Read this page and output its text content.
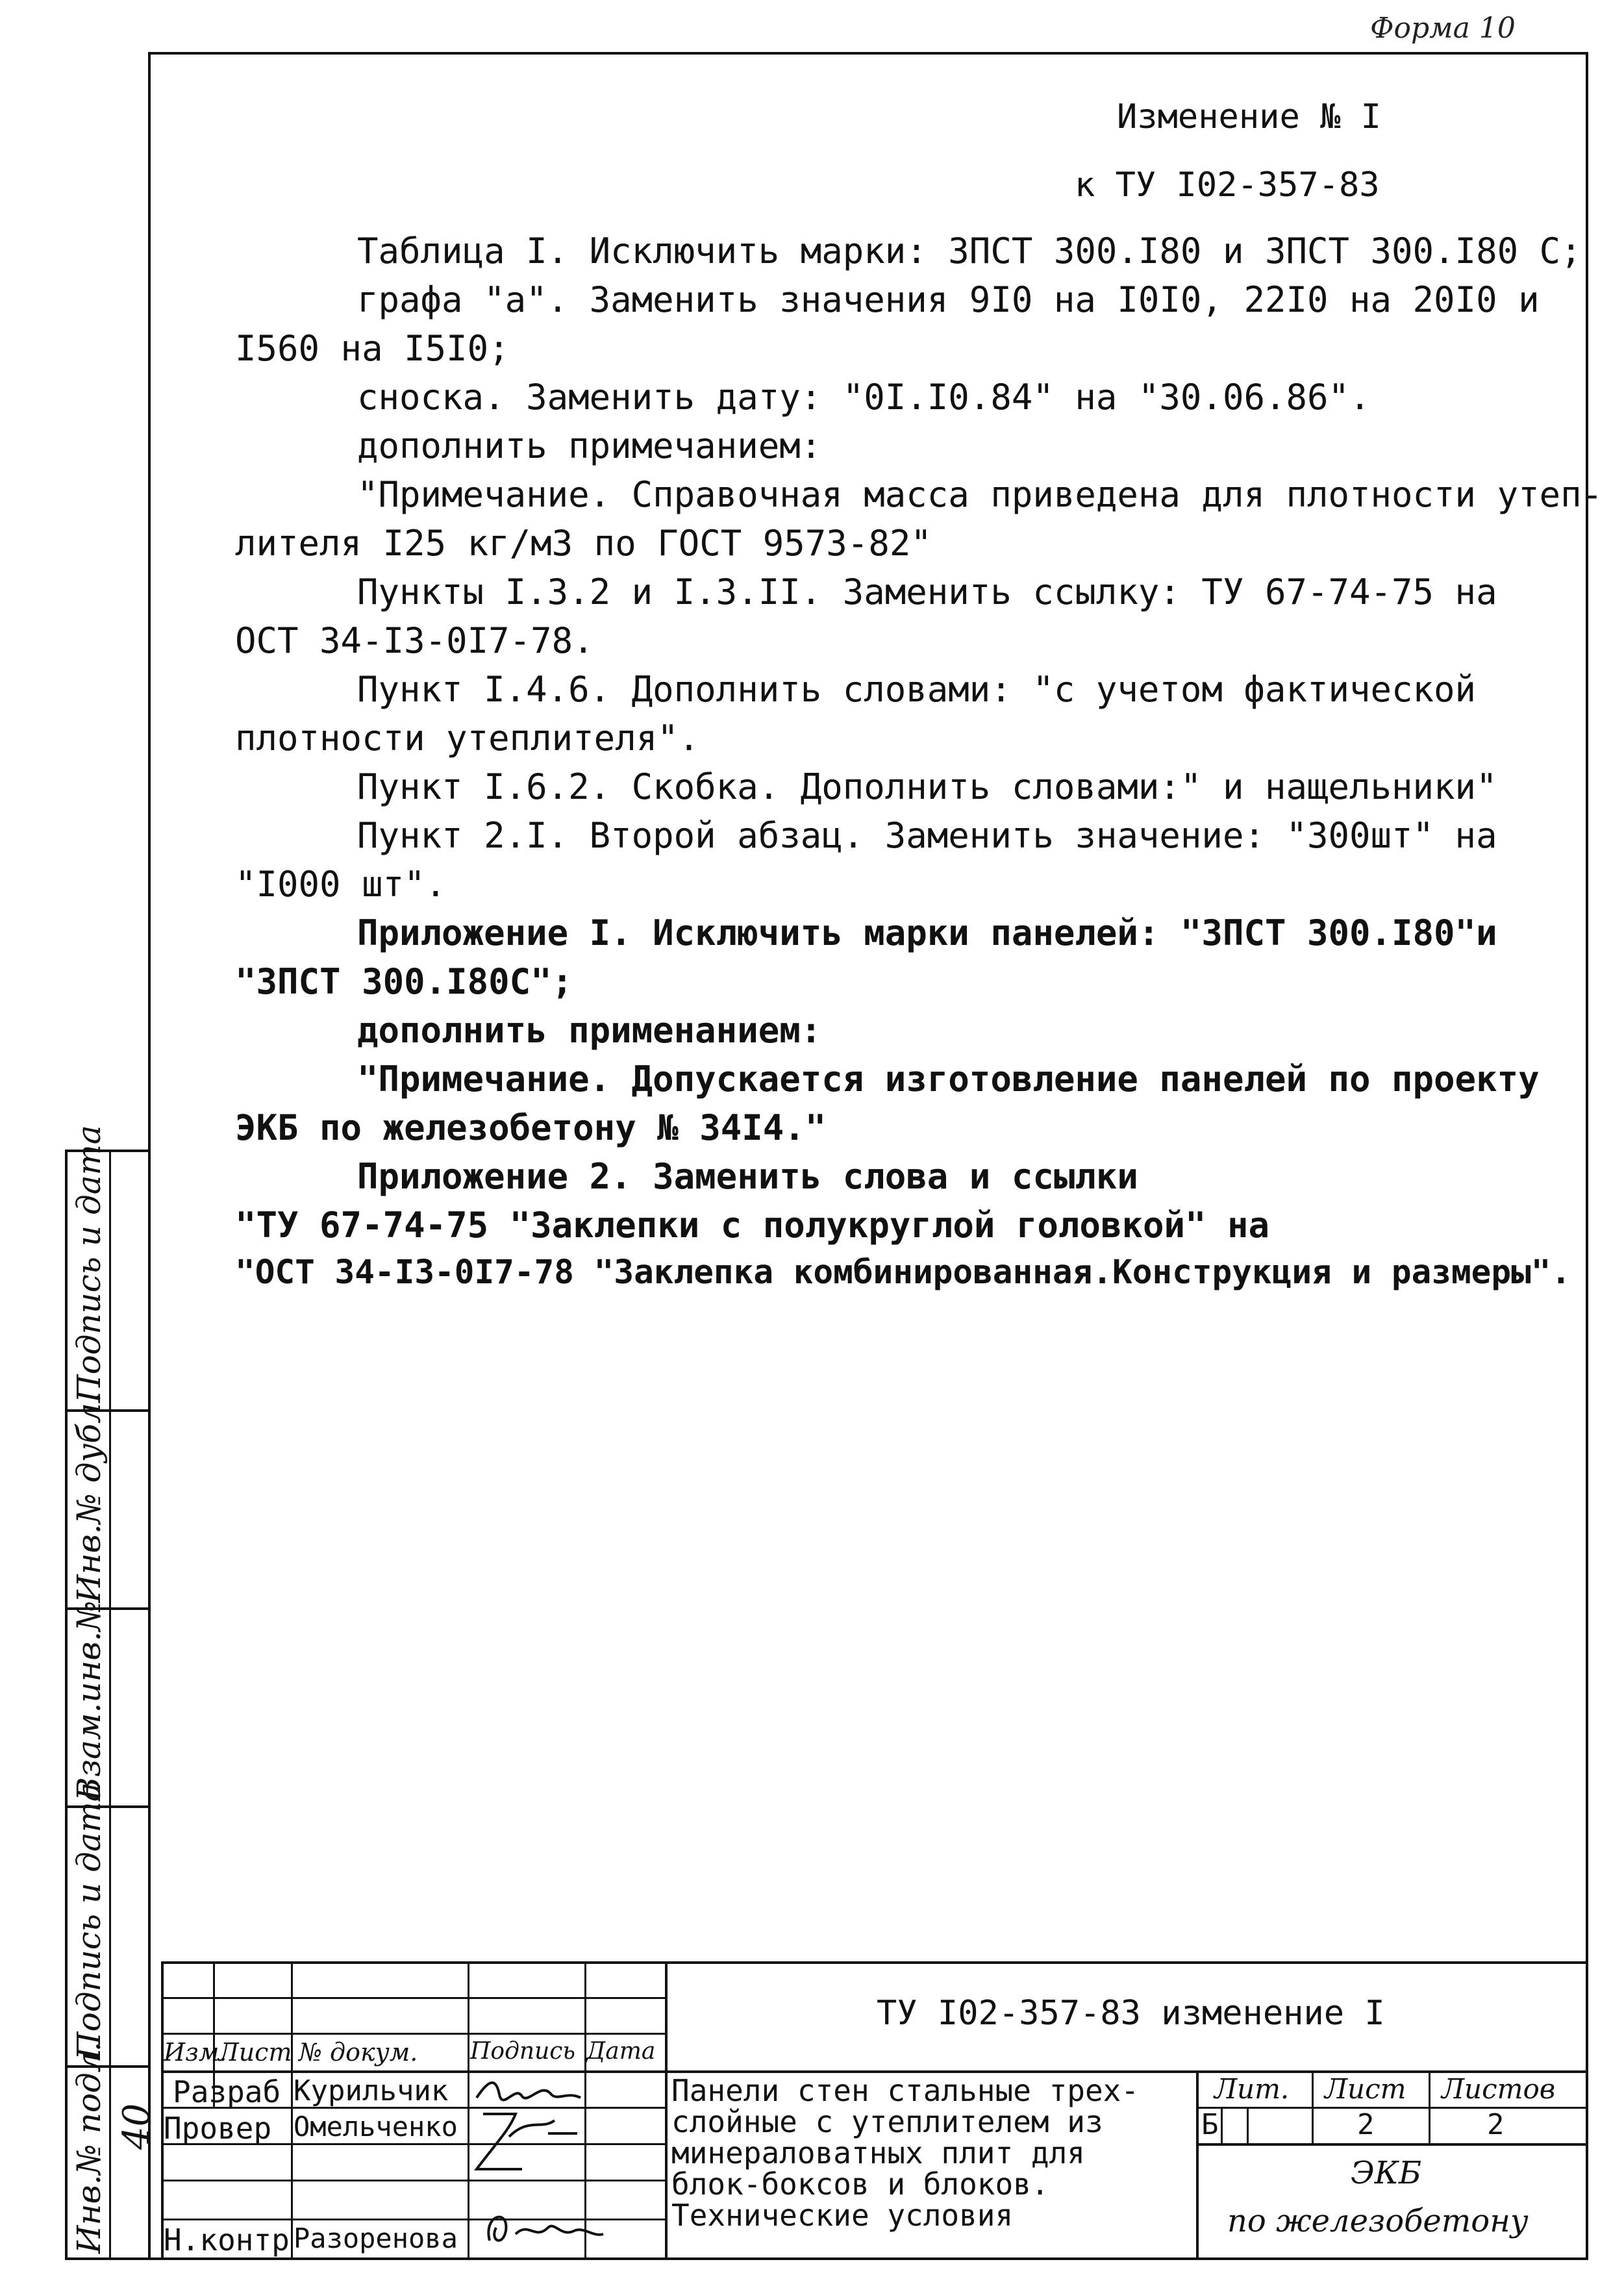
Форма 10
Подпись и дата
Инв.№ дубл.
Взам.инв.№
Подпись и дата
Инв.№ подл. 40
Изменение № I
к ТУ I02-357-83
Таблица I. Исключить марки: ЗПСТ 300.I80 и ЗПСТ 300.I80 С;
графа "а". Заменить значения 9I0 на I0I0, 22I0 на 20I0 и
I560 на I5I0;
сноска. Заменить дату: "0I.I0.84" на "30.06.86".
дополнить примечанием:
"Примечание. Справочная масса приведена для плотности утеп-
лителя I25 кг/м3 по ГОСТ 9573-82"
Пункты I.3.2 и I.3.II. Заменить ссылку: ТУ 67-74-75 на
ОСТ 34-I3-0I7-78.
Пункт I.4.6. Дополнить словами: "с учетом фактической
плотности утеплителя".
Пункт I.6.2. Скобка. Дополнить словами:" и нащельники"
Пункт 2.I. Второй абзац. Заменить значение: "300шт" на
"I000 шт".
Приложение I. Исключить марки панелей: "ЗПСТ 300.I80"и
"ЗПСТ 300.I80С";
дополнить применанием:
"Примечание. Допускается изготовление панелей по проекту
ЭКБ по железобетону № 34I4."
Приложение 2. Заменить слова и ссылки
"ТУ 67-74-75 "Заклепки с полукруглой головкой" на
"ОСТ 34-I3-0I7-78 "Заклепка комбинированная.Конструкция и размеры".
ТУ I02-357-83 изменение I
Изм.
Лист № докум. Подпись Дата
Разраб Курильчик
Провер Омельченко
Н.контр Разоренова
Панели стен стальные трех-
слойные с утеплителем из
минераловатных плит для
блок-боксов и блоков.
Технические условия
Лит. Лист Листов
Б	2	2
ЭКБ
по железобетону
